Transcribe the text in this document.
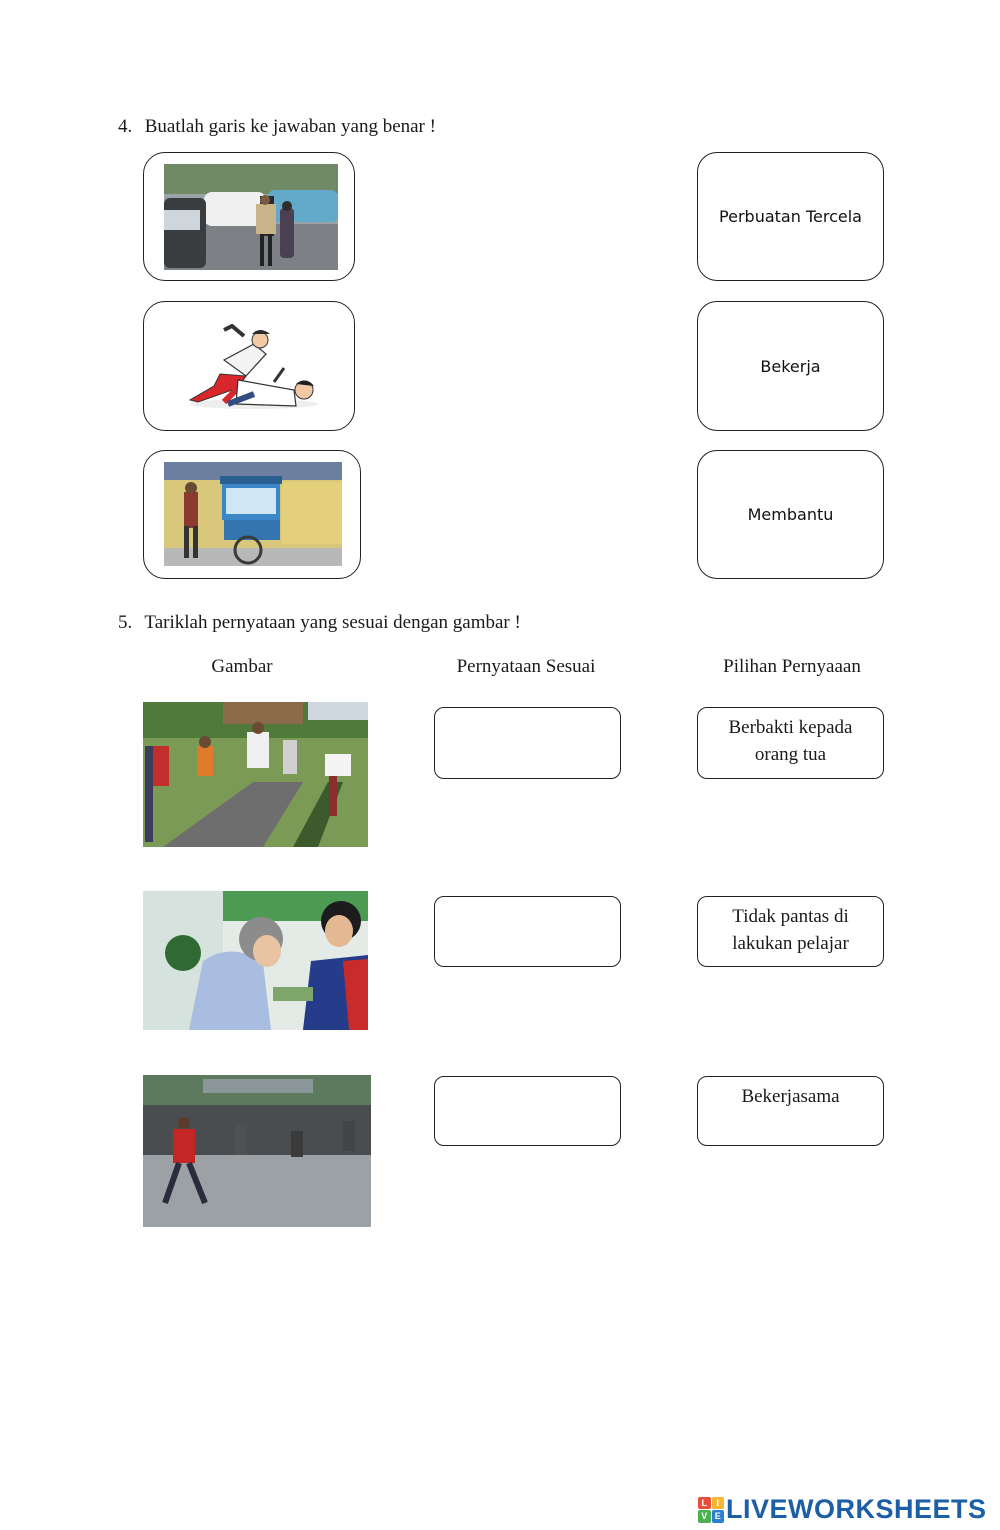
4. Buatlah garis ke jawaban yang benar !
Perbuatan Tercela
Bekerja
Membantu
5. Tariklah pernyataan yang sesuai dengan gambar !
Gambar	Pernyataan Sesuai	Pilihan Pernyaaan
Berbakti kepada
orang tua
Tidak pantas di
lakukan pelajar
Bekerjasama
L	I
V E LIVEWORKSHEETS
